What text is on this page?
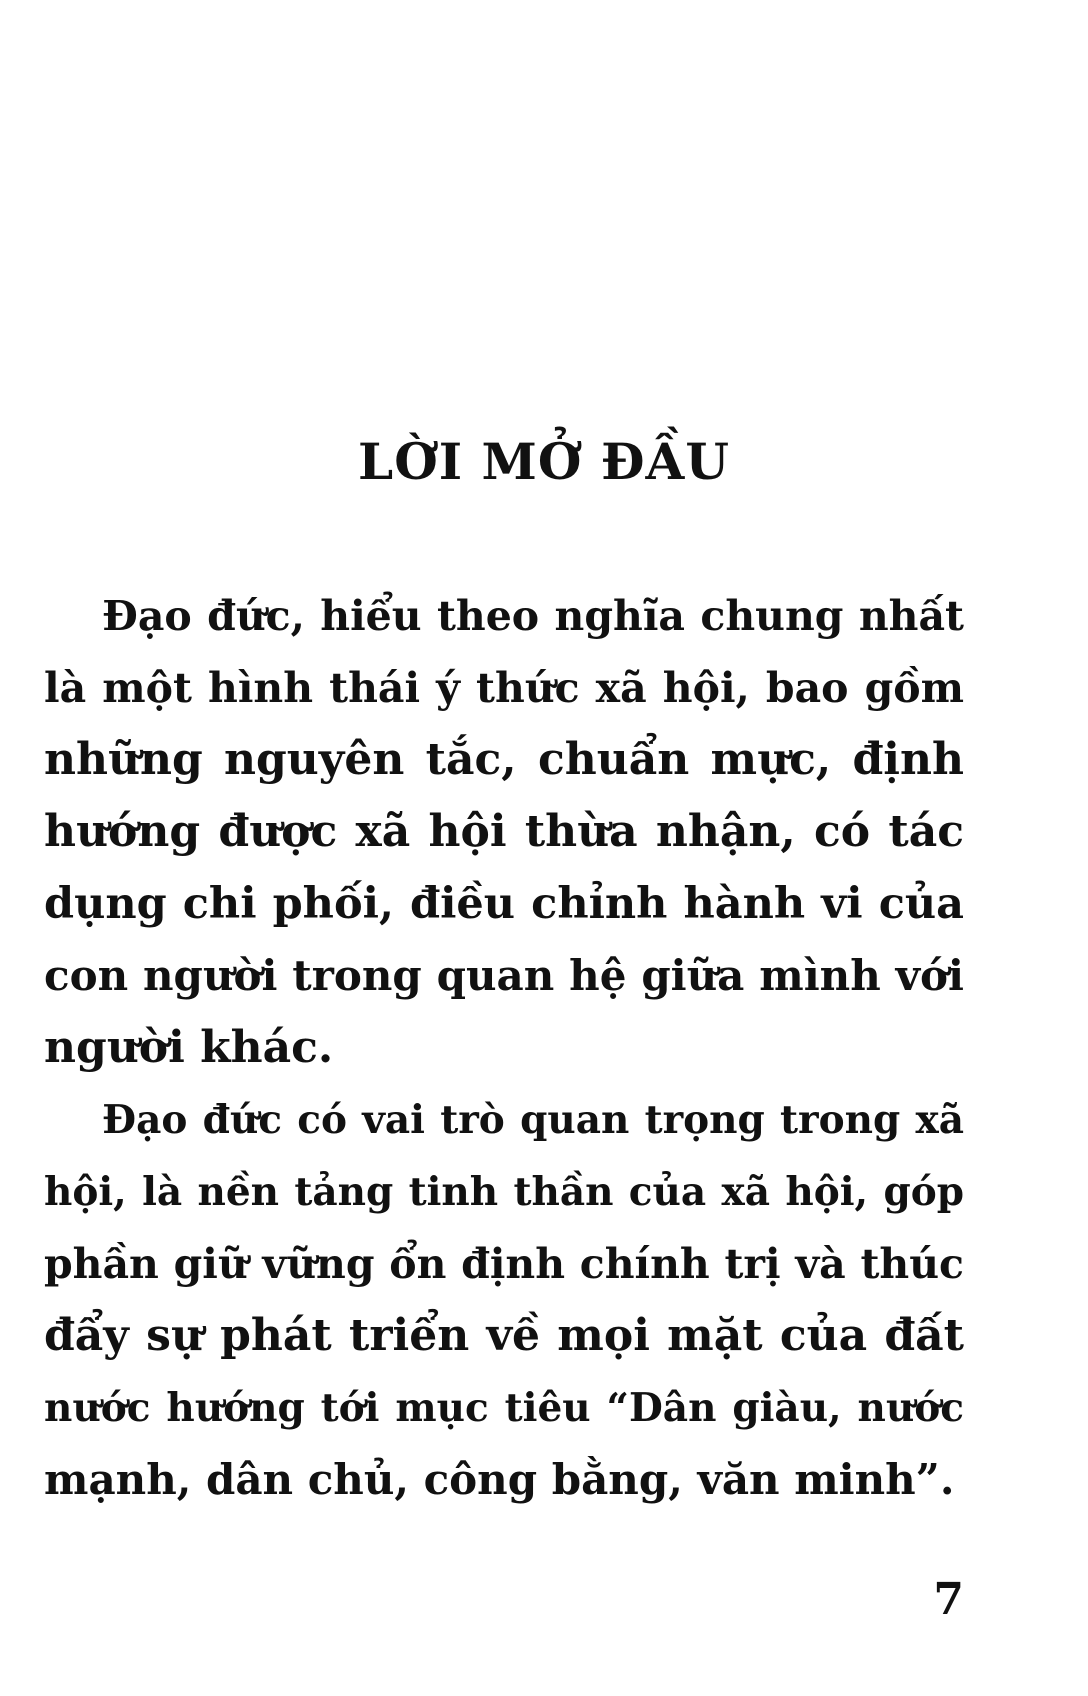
LỜI MỞ ĐẦU
Đạo đức, hiểu theo nghĩa chung nhất
là một hình thái ý thức xã hội, bao gồm
những nguyên tắc, chuẩn mực, định
hướng được xã hội thừa nhận, có tác
dụng chi phối, điều chỉnh hành vi của
con người trong quan hệ giữa mình với
người khác.
Đạo đức có vai trò quan trọng trong xã
hội, là nền tảng tinh thần của xã hội, góp
phần giữ vững ổn định chính trị và thúc
đẩy sự phát triển về mọi mặt của đất
nước hướng tới mục tiêu “Dân giàu, nước
mạnh, dân chủ, công bằng, văn minh”.
7
